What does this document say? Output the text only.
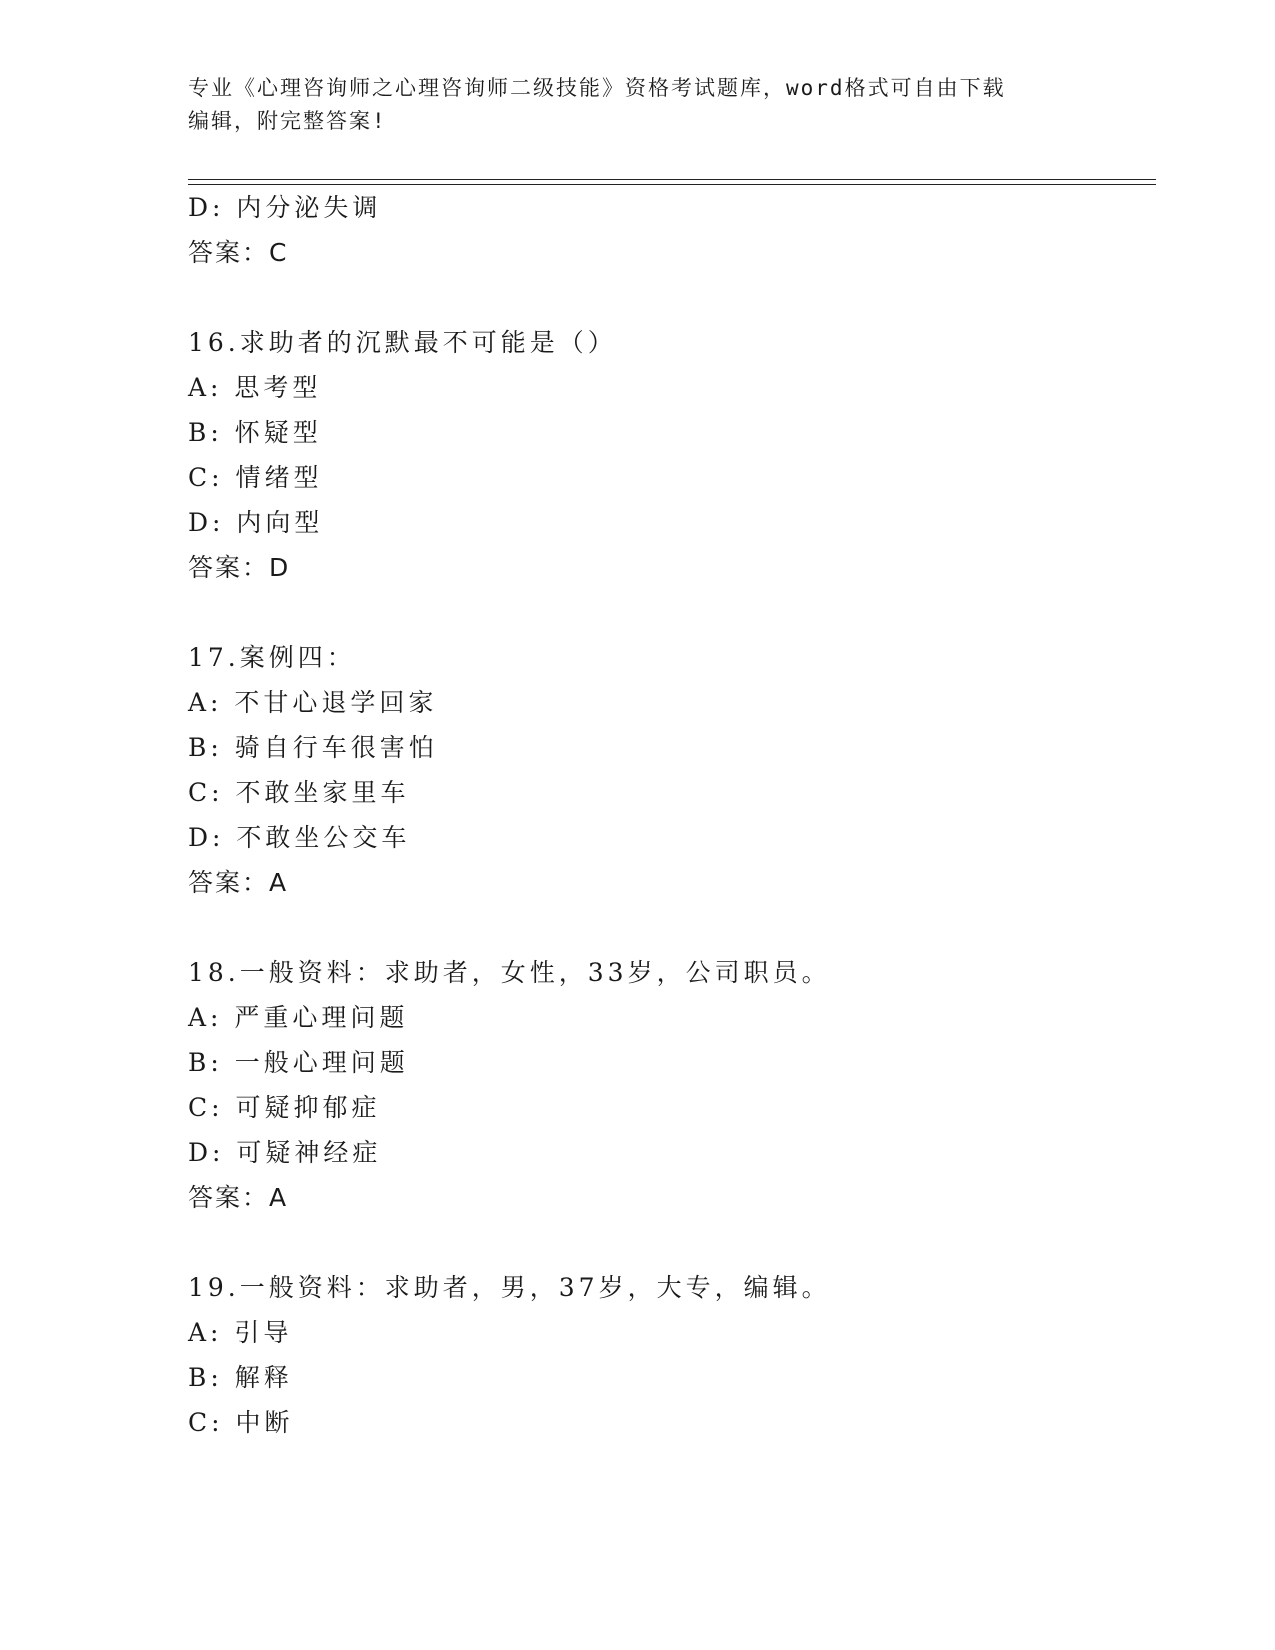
专业《心理咨询师之心理咨询师二级技能》资格考试题库，word格式可自由下载
编辑，附完整答案!
D: 内分泌失调
答案：C
16.求助者的沉默最不可能是（）
A: 思考型
B: 怀疑型
C: 情绪型
D: 内向型
答案：D
17.案例四：
A: 不甘心退学回家
B: 骑自行车很害怕
C: 不敢坐家里车
D: 不敢坐公交车
答案：A
18.一般资料：求助者，女性，33岁，公司职员。
A: 严重心理问题
B: 一般心理问题
C: 可疑抑郁症
D: 可疑神经症
答案：A
19.一般资料：求助者，男，37岁，大专，编辑。
A: 引导
B: 解释
C: 中断
